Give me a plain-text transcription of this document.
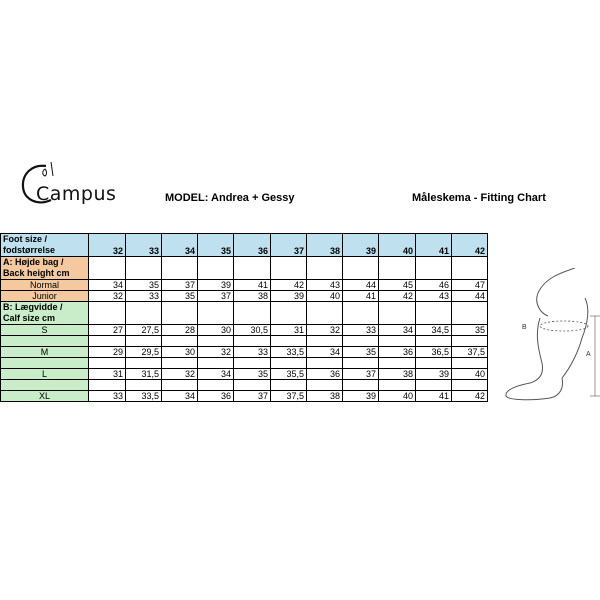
Campus	MODEL: Andrea + Gessy	Måleskema - Fitting Chart
Foot size /
fodstørrelse	32	33	34	35	36	37	38	39	40	41	42

A: Højde bag /
Back height cm											

Normal	34	35	37	39	41	42	43	44	45	46	47
Junior	32	33	35	37	38	39	40	41	42	43	44

B: Lægvidde /
Calf size cm											

S	27	27,5	28	30	30,5	31	32	33	34	34,5	35

M	29	29,5	30	32	33	33,5	34	35	36	36,5	37,5

L	31	31,5	32	34	35	35,5	36	37	38	39	40

XL	33	33,5	34	36	37	37,5	38	39	40	41	42
B
A
